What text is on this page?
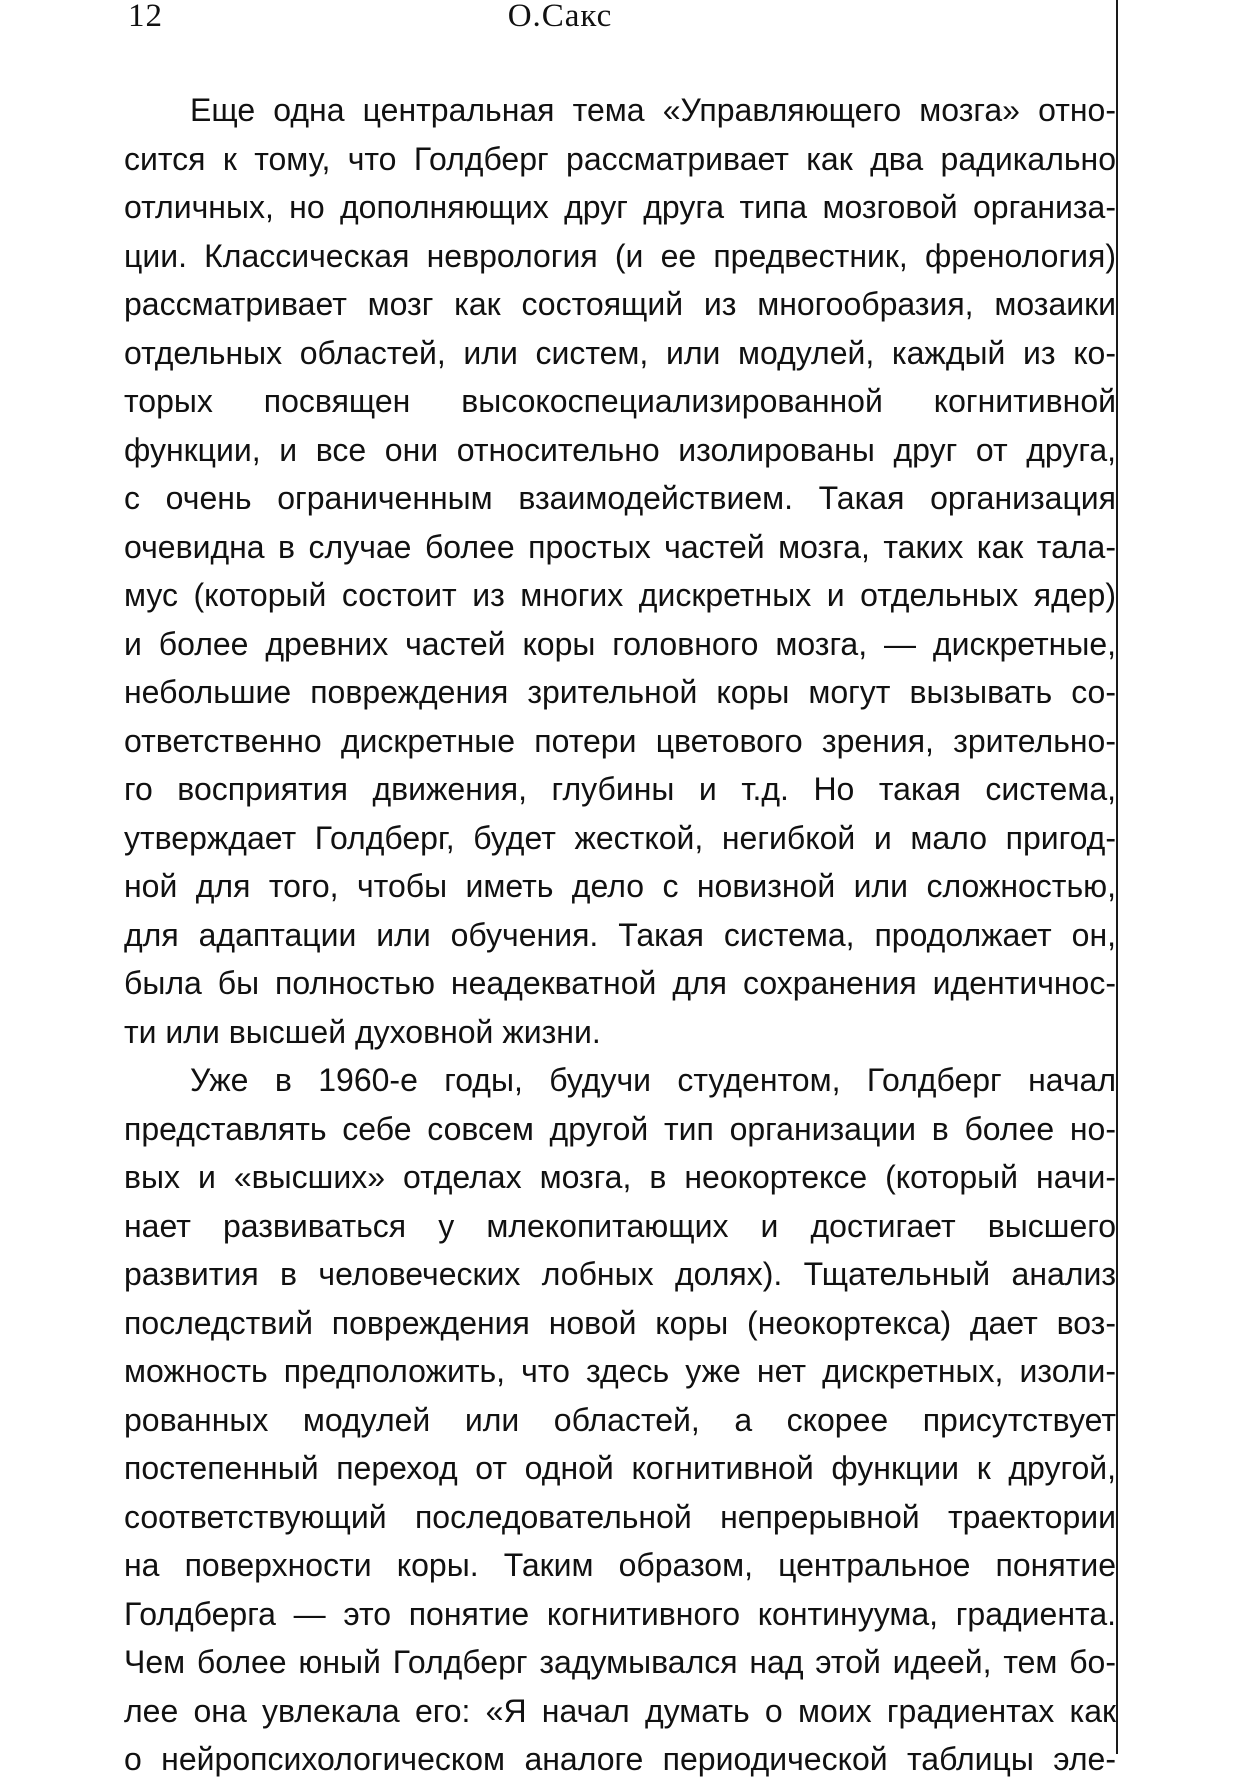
12	О.Сакс
Еще одна центральная тема «Управляющего мозга» отно-
сится к тому, что Голдберг рассматривает как два радикально
отличных, но дополняющих друг друга типа мозговой организа-
ции. Классическая неврология (и ее предвестник, френология)
рассматривает мозг как состоящий из многообразия, мозаики
отдельных областей, или систем, или модулей, каждый из ко-
торых посвящен высокоспециализированной когнитивной
функции, и все они относительно изолированы друг от друга,
с очень ограниченным взаимодействием. Такая организация
очевидна в случае более простых частей мозга, таких как тала-
мус (который состоит из многих дискретных и отдельных ядер)
и более древних частей коры головного мозга, — дискретные,
небольшие повреждения зрительной коры могут вызывать со-
ответственно дискретные потери цветового зрения, зрительно-
го восприятия движения, глубины и т.д. Но такая система,
утверждает Голдберг, будет жесткой, негибкой и мало пригод-
ной для того, чтобы иметь дело с новизной или сложностью,
для адаптации или обучения. Такая система, продолжает он,
была бы полностью неадекватной для сохранения идентичнос-
ти или высшей духовной жизни.
Уже в 1960-е годы, будучи студентом, Голдберг начал
представлять себе совсем другой тип организации в более но-
вых и «высших» отделах мозга, в неокортексе (который начи-
нает развиваться у млекопитающих и достигает высшего
развития в человеческих лобных долях). Тщательный анализ
последствий повреждения новой коры (неокортекса) дает воз-
можность предположить, что здесь уже нет дискретных, изоли-
рованных модулей или областей, а скорее присутствует
постепенный переход от одной когнитивной функции к другой,
соответствующий последовательной непрерывной траектории
на поверхности коры. Таким образом, центральное понятие
Голдберга — это понятие когнитивного континуума, градиента.
Чем более юный Голдберг задумывался над этой идеей, тем бо-
лее она увлекала его: «Я начал думать о моих градиентах как
о нейропсихологическом аналоге периодической таблицы эле-
